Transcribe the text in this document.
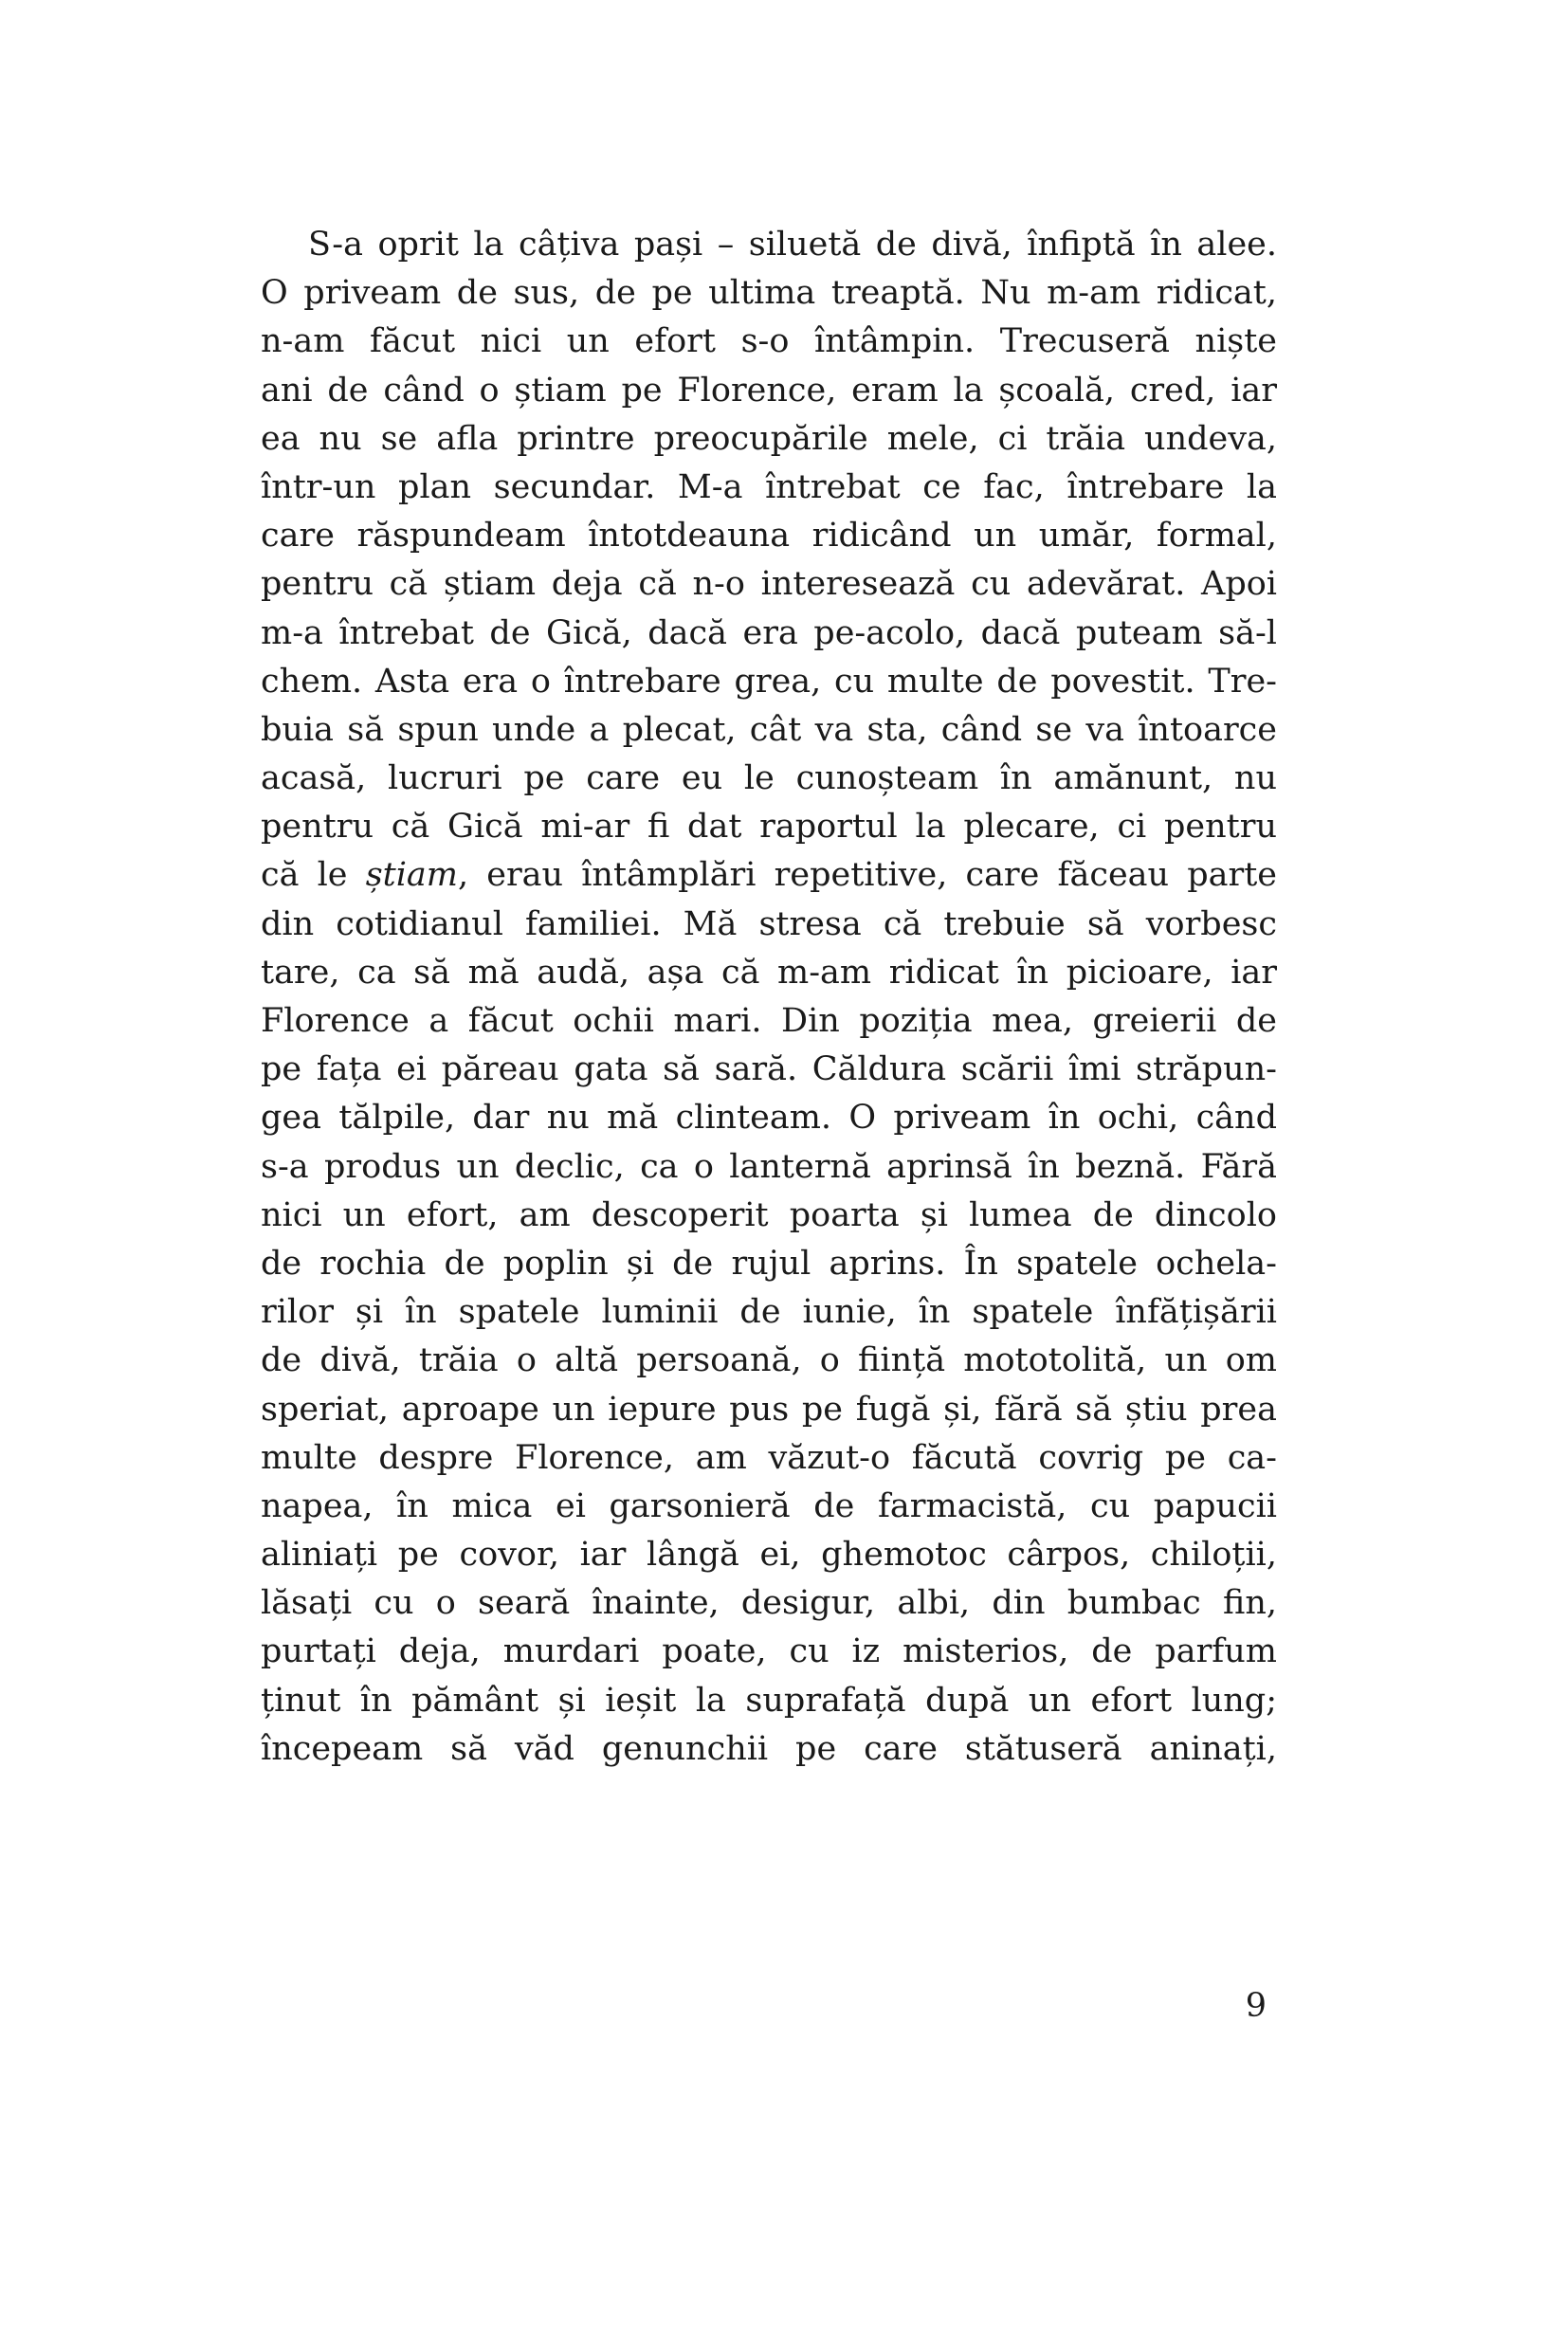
S-a oprit la câțiva pași – siluetă de divă, înfiptă în alee.
O priveam de sus, de pe ultima treaptă. Nu m-am ridicat,
n-am făcut nici un efort s-o întâmpin. Trecuseră niște
ani de când o știam pe Florence, eram la școală, cred, iar
ea nu se afla printre preocupările mele, ci trăia undeva,
într-un plan secundar. M-a întrebat ce fac, întrebare la
care răspundeam întotdeauna ridicând un umăr, formal,
pentru că știam deja că n-o interesează cu adevărat. Apoi
m-a întrebat de Gică, dacă era pe-acolo, dacă puteam să-l
chem. Asta era o întrebare grea, cu multe de povestit. Tre-
buia să spun unde a plecat, cât va sta, când se va întoarce
acasă, lucruri pe care eu le cunoșteam în amănunt, nu
pentru că Gică mi-ar fi dat raportul la plecare, ci pentru
că le știam, erau întâmplări repetitive, care făceau parte
din cotidianul familiei. Mă stresa că trebuie să vorbesc
tare, ca să mă audă, așa că m-am ridicat în picioare, iar
Florence a făcut ochii mari. Din poziția mea, greierii de
pe fața ei păreau gata să sară. Căldura scării îmi străpun-
gea tălpile, dar nu mă clinteam. O priveam în ochi, când
s-a produs un declic, ca o lanternă aprinsă în beznă. Fără
nici un efort, am descoperit poarta și lumea de dincolo
de rochia de poplin și de rujul aprins. În spatele ochela-
rilor și în spatele luminii de iunie, în spatele înfățișării
de divă, trăia o altă persoană, o ființă mototolită, un om
speriat, aproape un iepure pus pe fugă și, fără să știu prea
multe despre Florence, am văzut-o făcută covrig pe ca-
napea, în mica ei garsonieră de farmacistă, cu papucii
aliniați pe covor, iar lângă ei, ghemotoc cârpos, chiloții,
lăsați cu o seară înainte, desigur, albi, din bumbac fin,
purtați deja, murdari poate, cu iz misterios, de parfum
ținut în pământ și ieșit la suprafață după un efort lung;
începeam să văd genunchii pe care stătuseră aninați,
9
